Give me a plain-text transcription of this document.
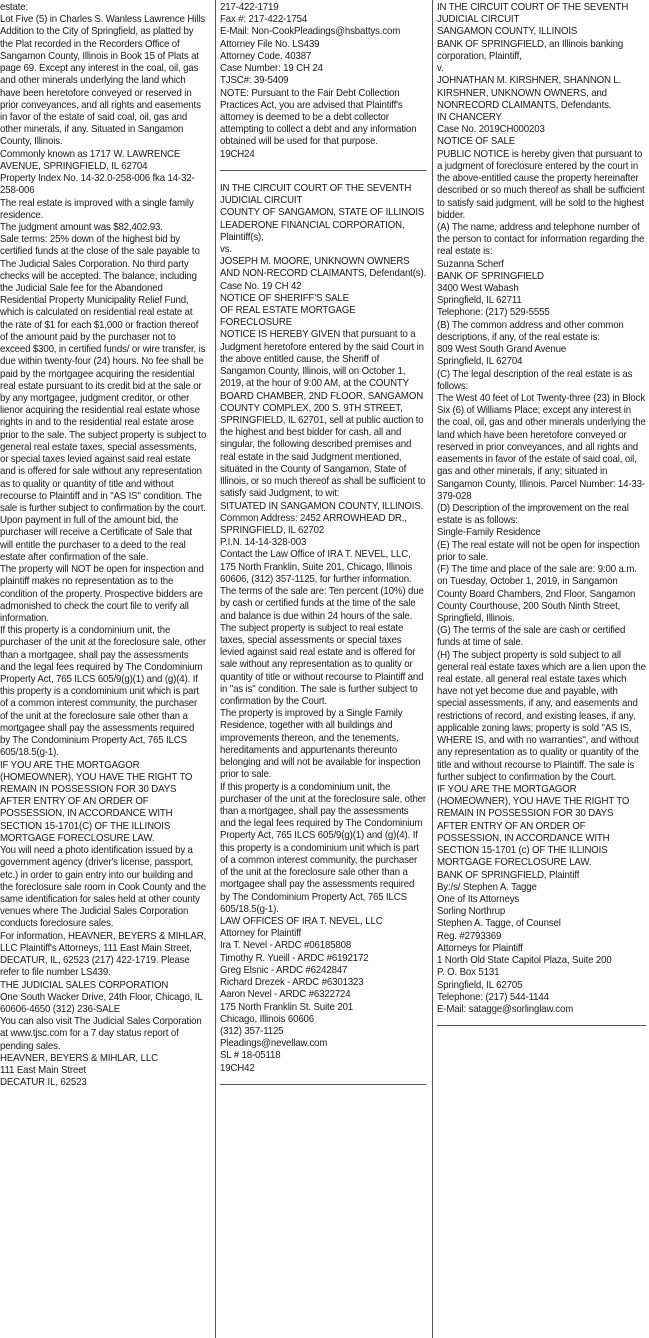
estate:
Lot Five (5) in Charles S. Wanless Lawrence Hills Addition to the City of Springfield, as platted by the Plat recorded in the Recorders Office of Sangamon County, Illinois in Book 15 of Plats at page 69. Except any interest in the coal, oil, gas and other minerals underlying the land which have been heretofore conveyed or reserved in prior conveyances, and all rights and easements in favor of the estate of said coal, oil, gas and other minerals, if any. Situated in Sangamon County, Illinois.
Commonly known as 1717 W. LAWRENCE AVENUE, SPRINGFIELD, IL 62704
Property Index No. 14-32.0-258-006 fka 14-32-258-006
The real estate is improved with a single family residence.
The judgment amount was $82,402.93.
Sale terms: 25% down of the highest bid by certified funds at the close of the sale payable to The Judicial Sales Corporation. No third party checks will be accepted. The balance, including the Judicial Sale fee for the Abandoned Residential Property Municipality Relief Fund, which is calculated on residential real estate at the rate of $1 for each $1,000 or fraction thereof of the amount paid by the purchaser not to exceed $300, in certified funds/ or wire transfer, is due within twenty-four (24) hours. No fee shall be paid by the mortgagee acquiring the residential real estate pursuant to its credit bid at the sale or by any mortgagee, judgment creditor, or other lienor acquiring the residential real estate whose rights in and to the residential real estate arose prior to the sale. The subject property is subject to general real estate taxes, special assessments, or special taxes levied against said real estate and is offered for sale without any representation as to quality or quantity of title and without recourse to Plaintiff and in "AS IS" condition. The sale is further subject to confirmation by the court.
Upon payment in full of the amount bid, the purchaser will receive a Certificate of Sale that will entitle the purchaser to a deed to the real estate after confirmation of the sale.
The property will NOT be open for inspection and plaintiff makes no representation as to the condition of the property. Prospective bidders are admonished to check the court file to verify all information.
If this property is a condominium unit, the purchaser of the unit at the foreclosure sale, other than a mortgagee, shall pay the assessments and the legal fees required by The Condominium Property Act, 765 ILCS 605/9(g)(1) and (g)(4). If this property is a condominium unit which is part of a common interest community, the purchaser of the unit at the foreclosure sale other than a mortgagee shall pay the assessments required by The Condominium Property Act, 765 ILCS 605/18.5(g-1).
IF YOU ARE THE MORTGAGOR (HOMEOWNER), YOU HAVE THE RIGHT TO REMAIN IN POSSESSION FOR 30 DAYS AFTER ENTRY OF AN ORDER OF POSSESSION, IN ACCORDANCE WITH SECTION 15-1701(C) OF THE ILLINOIS MORTGAGE FORECLOSURE LAW.
You will need a photo identification issued by a government agency (driver's license, passport, etc.) in order to gain entry into our building and the foreclosure sale room in Cook County and the same identification for sales held at other county venues where The Judicial Sales Corporation conducts foreclosure sales.
For information, HEAVNER, BEYERS & MIHLAR, LLC Plaintiff's Attorneys, 111 East Main Street, DECATUR, IL, 62523 (217) 422-1719. Please refer to file number LS439.
THE JUDICIAL SALES CORPORATION
One South Wacker Drive, 24th Floor, Chicago, IL 60606-4650 (312) 236-SALE
You can also visit The Judicial Sales Corporation at www.tjsc.com for a 7 day status report of pending sales.
HEAVNER, BEYERS & MIHLAR, LLC
111 East Main Street
DECATUR IL, 62523

217-422-1719
Fax #: 217-422-1754
E-Mail: Non-CookPleadings@hsbattys.com
Attorney File No. LS439
Attorney Code. 40387
Case Number: 19 CH 24
TJSC#: 39-5409
NOTE: Pursuant to the Fair Debt Collection Practices Act, you are advised that Plaintiff's attorney is deemed to be a debt collector attempting to collect a debt and any information obtained will be used for that purpose.
19CH24

IN THE CIRCUIT COURT OF THE SEVENTH JUDICIAL CIRCUIT
COUNTY OF SANGAMON, STATE OF ILLINOIS
LEADERONE FINANCIAL CORPORATION, Plaintiff(s),
vs.
JOSEPH M. MOORE, UNKNOWN OWNERS AND NON-RECORD CLAIMANTS, Defendant(s).
Case No. 19 CH 42
NOTICE OF SHERIFF'S SALE
OF REAL ESTATE MORTGAGE FORECLOSURE
NOTICE IS HEREBY GIVEN that pursuant to a Judgment heretofore entered by the said Court in the above entitled cause, the Sheriff of Sangamon County, Illinois, will on October 1, 2019, at the hour of 9:00 AM, at the COUNTY BOARD CHAMBER, 2ND FLOOR, SANGAMON COUNTY COMPLEX, 200 S. 9TH STREET, SPRINGFIELD, IL 62701, sell at public auction to the highest and best bidder for cash, all and singular, the following described premises and real estate in the said Judgment mentioned, situated in the County of Sangamon, State of Illinois, or so much thereof as shall be sufficient to satisfy said Judgment, to wit:
SITUATED IN SANGAMON COUNTY, ILLINOIS.
Common Address: 2452 ARROWHEAD DR., SPRINGFIELD, IL 62702
P.I.N. 14-14-328-003
Contact the Law Office of IRA T. NEVEL, LLC, 175 North Franklin, Suite 201, Chicago, Illinois 60606, (312) 357-1125, for further information.
The terms of the sale are: Ten percent (10%) due by cash or certified funds at the time of the sale and balance is due within 24 hours of the sale. The subject property is subject to real estate taxes, special assessments or special taxes levied against said real estate and is offered for sale without any representation as to quality or quantity of title or without recourse to Plaintiff and in "as is" condition. The sale is further subject to confirmation by the Court.
The property is improved by a Single Family Residence, together with all buildings and improvements thereon, and the tenements, hereditaments and appurtenants thereunto belonging and will not be available for inspection prior to sale.
If this property is a condominium unit, the purchaser of the unit at the foreclosure sale, other than a mortgagee, shall pay the assessments and the legal fees required by The Condominium Property Act, 765 ILCS 605/9(g)(1) and (g)(4). If this property is a condominium unit which is part of a common interest community, the purchaser of the unit at the foreclosure sale other than a mortgagee shall pay the assessments required by The Condominium Property Act, 765 ILCS 605/18.5(g-1).
LAW OFFICES OF IRA T. NEVEL, LLC
Attorney for Plaintiff
Ira T. Nevel - ARDC #06185808
Timothy R. Yueill - ARDC #6192172
Greg Elsnic - ARDC #6242847
Richard Drezek - ARDC #6301323
Aaron Nevel - ARDC #6322724
175 North Franklin St. Suite 201
Chicago, Illinois 60606
(312) 357-1125
Pleadings@nevellaw.com
SL # 18-05118
19CH42

IN THE CIRCUIT COURT OF THE SEVENTH JUDICIAL CIRCUIT
SANGAMON COUNTY, ILLINOIS
BANK OF SPRINGFIELD, an Illinois banking corporation, Plaintiff,
v.
JOHNATHAN M. KIRSHNER, SHANNON L. KIRSHNER, UNKNOWN OWNERS, and NONRECORD CLAIMANTS, Defendants.
IN CHANCERY
Case No. 2019CH000203
NOTICE OF SALE
PUBLIC NOTICE is hereby given that pursuant to a judgment of foreclosure entered by the court in the above-entitled cause the property hereinafter described or so much thereof as shall be sufficient to satisfy said judgment, will be sold to the highest bidder.
(A) The name, address and telephone number of the person to contact for information regarding the real estate is:
Suzanna Scherf
BANK OF SPRINGFIELD
3400 West Wabash
Springfield, IL 62711
Telephone: (217) 529-5555
(B) The common address and other common descriptions, if any, of the real estate is:
809 West South Grand Avenue
Springfield, IL 62704
(C) The legal description of the real estate is as follows:
The West 40 feet of Lot Twenty-three (23) in Block Six (6) of Williams Place; except any interest in the coal, oil, gas and other minerals underlying the land which have been heretofore conveyed or reserved in prior conveyances, and all rights and easements in favor of the estate of said coal, oil, gas and other minerals, if any; situated in Sangamon County, Illinois. Parcel Number: 14-33-379-028
(D) Description of the improvement on the real estate is as follows:
Single-Family Residence
(E) The real estate will not be open for inspection prior to sale.
(F) The time and place of the sale are: 9:00 a.m. on Tuesday, October 1, 2019, in Sangamon County Board Chambers, 2nd Floor, Sangamon County Courthouse, 200 South Ninth Street, Springfield, Illinois.
(G) The terms of the sale are cash or certified funds at time of sale.
(H) The subject property is sold subject to all general real estate taxes which are a lien upon the real estate, all general real estate taxes which have not yet become due and payable, with special assessments, if any, and easements and restrictions of record, and existing leases, if any, applicable zoning laws; property is sold "AS IS, WHERE IS, and with no warranties", and without any representation as to quality or quantity of the title and without recourse to Plaintiff. The sale is further subject to confirmation by the Court.
IF YOU ARE THE MORTGAGOR (HOMEOWNER), YOU HAVE THE RIGHT TO REMAIN IN POSSESSION FOR 30 DAYS AFTER ENTRY OF AN ORDER OF POSSESSION, IN ACCORDANCE WITH SECTION 15-1701 (c) OF THE ILLINOIS MORTGAGE FORECLOSURE LAW.
BANK OF SPRINGFIELD, Plaintiff
By:/s/ Stephen A. Tagge
One of Its Attorneys
Sorling Northrup
Stephen A. Tagge, of Counsel
Reg. #2793369
Attorneys for Plaintiff
1 North Old State Capitol Plaza, Suite 200
P. O. Box 5131
Springfield, IL 62705
Telephone: (217) 544-1144
E-Mail: satagge@sorlinglaw.com
